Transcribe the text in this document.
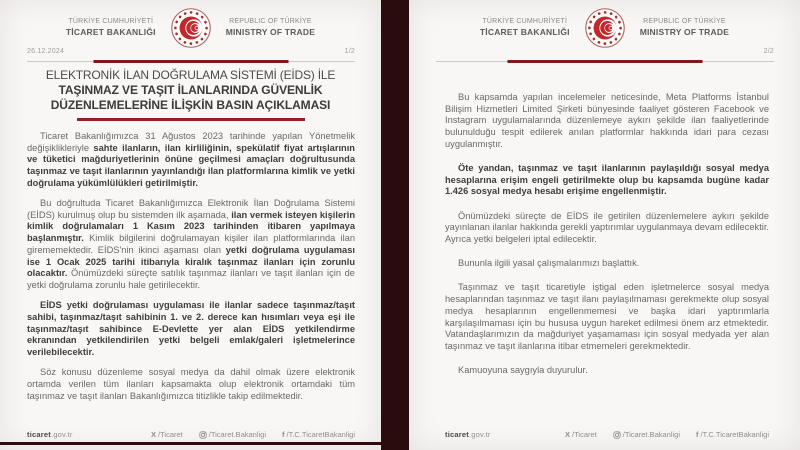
TÜRKİYE CUMHURİYETİ
TİCARET BAKANLIĞI
REPUBLIC OF TÜRKİYE
MINISTRY OF TRADE
26.12.2024	1/2
ELEKTRONİK İLAN DOĞRULAMA SİSTEMİ (EİDS) İLE
TAŞINMAZ VE TAŞIT İLANLARINDA GÜVENLİK
DÜZENLEMELERİNE İLİŞKİN BASIN AÇIKLAMASI

Ticaret Bakanlığımızca 31 Ağustos 2023 tarihinde yapılan Yönetmelik değişiklikleriyle sahte ilanların, ilan kirliliğinin, spekülatif fiyat artışlarının ve tüketici mağduriyetlerinin önüne geçilmesi amaçları doğrultusunda taşınmaz ve taşıt ilanlarının yayınlandığı ilan platformlarına kimlik ve yetki doğrulama yükümlülükleri getirilmiştir.

Bu doğrultuda Ticaret Bakanlığımızca Elektronik İlan Doğrulama Sistemi (EİDS) kurulmuş olup bu sistemden ilk aşamada, ilan vermek isteyen kişilerin kimlik doğrulamaları 1 Kasım 2023 tarihinden itibaren yapılmaya başlanmıştır. Kimlik bilgilerini doğrulamayan kişiler ilan platformlarında ilan girememektedir. EİDS'nin ikinci aşaması olan yetki doğrulama uygulaması ise 1 Ocak 2025 tarihi itibarıyla kiralık taşınmaz ilanları için zorunlu olacaktır. Önümüzdeki süreçte satılık taşınmaz ilanları ve taşıt ilanları için de yetki doğrulama zorunlu hale getirilecektir.

EİDS yetki doğrulaması uygulaması ile ilanlar sadece taşınmaz/taşıt sahibi, taşınmaz/taşıt sahibinin 1. ve 2. derece kan hısımları veya eşi ile taşınmaz/taşıt sahibince E-Devlette yer alan EİDS yetkilendirme ekranından yetkilendirilen yetki belgeli emlak/galeri işletmelerince verilebilecektir.

Söz konusu düzenleme sosyal medya da dahil olmak üzere elektronik ortamda verilen tüm ilanları kapsamakta olup elektronik ortamdaki tüm taşınmaz ve taşıt ilanları Bakanlığımızca titizlikle takip edilmektedir.

ticaret.gov.tr	X /Ticaret	/Ticaret.Bakanligi f /T.C.TicaretBakanligi
TÜRKİYE CUMHURİYETİ
TİCARET BAKANLIĞI
REPUBLIC OF TÜRKİYE
MINISTRY OF TRADE
2/2

Bu kapsamda yapılan incelemeler neticesinde, Meta Platforms İstanbul Bilişim Hizmetleri Limited Şirketi bünyesinde faaliyet gösteren Facebook ve Instagram uygulamalarında düzenlemeye aykırı şekilde ilan faaliyetlerinde bulunulduğu tespit edilerek anılan platformlar hakkında idari para cezası uygulanmıştır.

Öte yandan, taşınmaz ve taşıt ilanlarının paylaşıldığı sosyal medya hesaplarına erişim engeli getirilmekte olup bu kapsamda bugüne kadar 1.426 sosyal medya hesabı erişime engellenmiştir.

Önümüzdeki süreçte de EİDS ile getirilen düzenlemelere aykırı şekilde yayınlanan ilanlar hakkında gerekli yaptırımlar uygulanmaya devam edilecektir. Ayrıca yetki belgeleri iptal edilecektir.

Bununla ilgili yasal çalışmalarımızı başlattık.

Taşınmaz ve taşıt ticaretiyle iştigal eden işletmelerce sosyal medya hesaplarından taşınmaz ve taşıt ilanı paylaşılmaması gerekmekte olup sosyal medya hesaplarının engellenmemesi ve başka idari yaptırımlarla karşılaşılmaması için bu hususa uygun hareket edilmesi önem arz etmektedir. Vatandaşlarımızın da mağduriyet yaşamaması için sosyal medyada yer alan taşınmaz ve taşıt ilanlarına itibar etmemeleri gerekmektedir.

Kamuoyuna saygıyla duyurulur.

ticaret.gov.tr	X /Ticaret	/Ticaret.Bakanligi f /T.C.TicaretBakanligi
